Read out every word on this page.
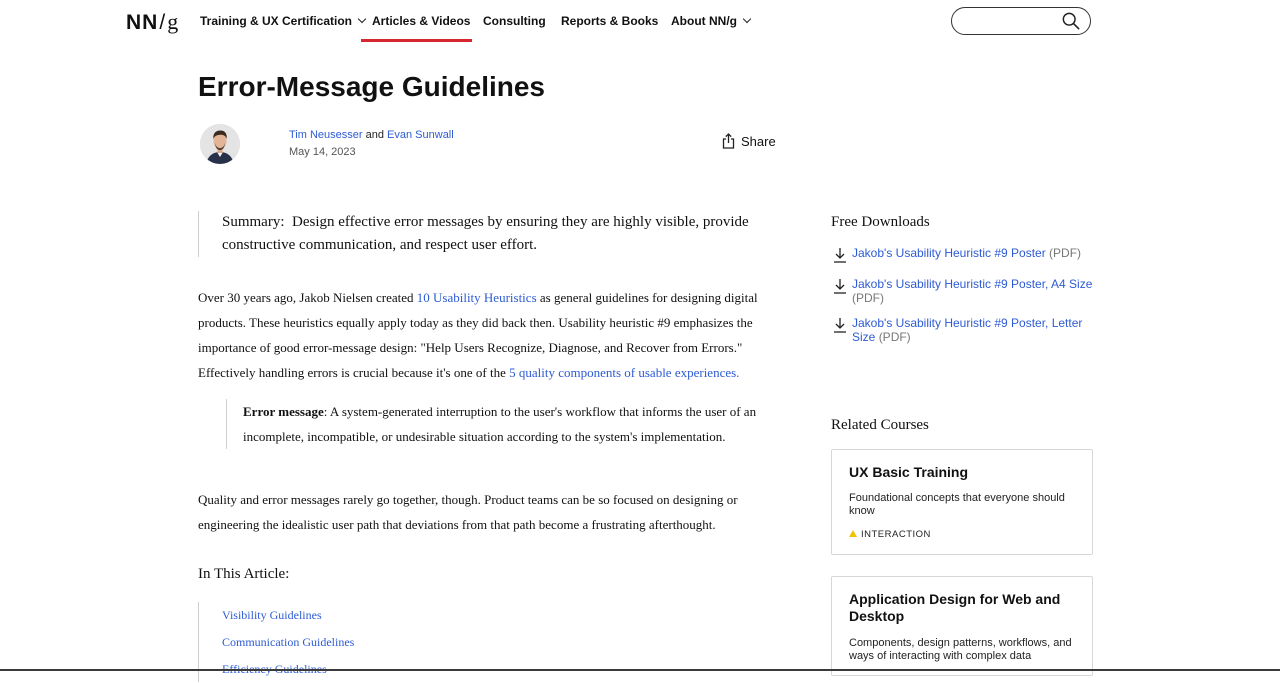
NN/g Training & UX Certification	Articles & Videos Consulting Reports & Books About NN/g
Error-Message Guidelines
Tim Neusesser and Evan Sunwall
May 14, 2023
Share
Summary: Design effective error messages by ensuring they are highly visible, provide constructive communication, and respect user effort.

Over 30 years ago, Jakob Nielsen created 10 Usability Heuristics as general guidelines for designing digital products. These heuristics equally apply today as they did back then. Usability heuristic #9 emphasizes the importance of good error-message design: "Help Users Recognize, Diagnose, and Recover from Errors." Effectively handling errors is crucial because it's one of the 5 quality components of usable experiences.

Error message: A system-generated interruption to the user's workflow that informs the user of an incomplete, incompatible, or undesirable situation according to the system's implementation.

Quality and error messages rarely go together, though. Product teams can be so focused on designing or engineering the idealistic user path that deviations from that path become a frustrating afterthought.

In This Article:
Visibility Guidelines
Communication Guidelines
Free Downloads
Jakob's Usability Heuristic #9 Poster (PDF)
Jakob's Usability Heuristic #9 Poster, A4 Size (PDF)
Jakob's Usability Heuristic #9 Poster, Letter Size (PDF)
Related Courses
UX Basic Training
Foundational concepts that everyone should know
INTERACTION
Application Design for Web and Desktop
Components, design patterns, workflows, and ways of interacting with complex data
